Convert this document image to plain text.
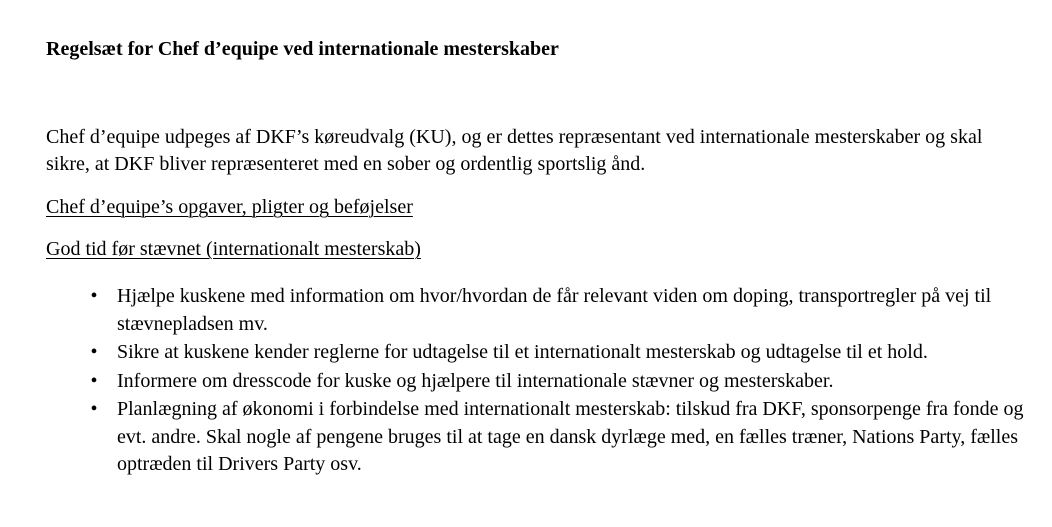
Regelsæt for Chef d’equipe ved internationale mesterskaber

Chef d’equipe udpeges af DKF’s køreudvalg (KU), og er dettes repræsentant ved internationale mesterskaber og skal sikre, at DKF bliver repræsenteret med en sober og ordentlig sportslig ånd.

Chef d’equipe’s opgaver, pligter og beføjelser

God tid før stævnet (internationalt mesterskab)

• Hjælpe kuskene med information om hvor/hvordan de får relevant viden om doping, transportregler på vej til stævnepladsen mv.
• Sikre at kuskene kender reglerne for udtagelse til et internationalt mesterskab og udtagelse til et hold.
• Informere om dresscode for kuske og hjælpere til internationale stævner og mesterskaber.
• Planlægning af økonomi i forbindelse med internationalt mesterskab: tilskud fra DKF, sponsorpenge fra fonde og evt. andre. Skal nogle af pengene bruges til at tage en dansk dyrlæge med, en fælles træner, Nations Party, fælles optræden til Drivers Party osv.
